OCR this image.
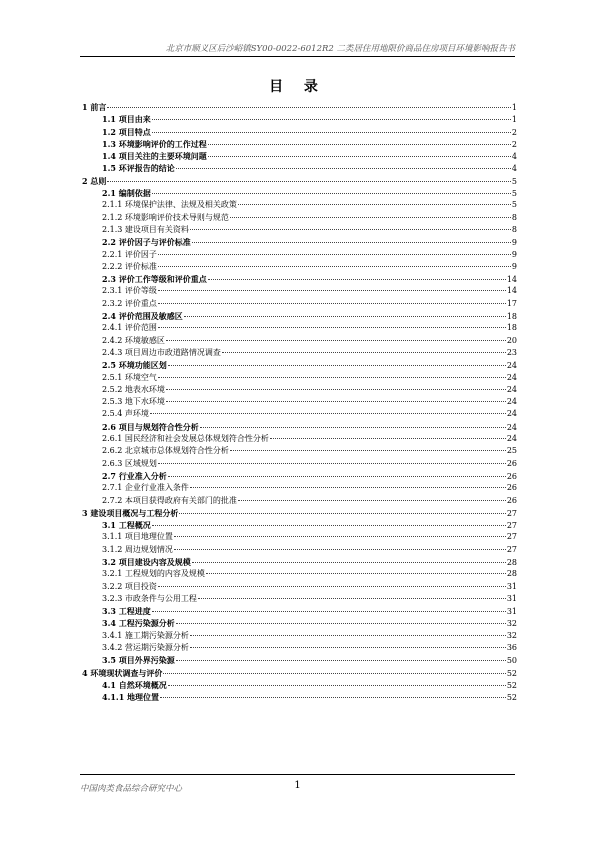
北京市顺义区后沙峪镇SY00-0022-6012R2 二类居住用地限价商品住房项目环境影响报告书
目 录
1 前言	1
1.1 项目由来	1
1.2 项目特点	2
1.3 环境影响评价的工作过程	2
1.4 项目关注的主要环境问题	4
1.5 环评报告的结论	4
2 总则	5
2.1 编制依据	5
2.1.1 环境保护法律、法规及相关政策	5
2.1.2 环境影响评价技术导则与规范	8
2.1.3 建设项目有关资料	8
2.2 评价因子与评价标准	9
2.2.1 评价因子	9
2.2.2 评价标准	9
2.3 评价工作等级和评价重点	14
2.3.1 评价等级	14
2.3.2 评价重点	17
2.4 评价范围及敏感区	18
2.4.1 评价范围	18
2.4.2 环境敏感区	20
2.4.3 项目周边市政道路情况调查	23
2.5 环境功能区划	24
2.5.1 环境空气	24
2.5.2 地表水环境	24
2.5.3 地下水环境	24
2.5.4 声环境	24
2.6 项目与规划符合性分析	24
2.6.1 国民经济和社会发展总体规划符合性分析	24
2.6.2 北京城市总体规划符合性分析	25
2.6.3 区域规划	26
2.7 行业准入分析	26
2.7.1 企业行业准入条件	26
2.7.2 本项目获得政府有关部门的批准	26
3 建设项目概况与工程分析	27
3.1 工程概况	27
3.1.1 项目地理位置	27
3.1.2 周边规划情况	27
3.2 项目建设内容及规模	28
3.2.1 工程规划的内容及规模	28
3.2.2 项目投资	31
3.2.3 市政条件与公用工程	31
3.3 工程进度	31
3.4 工程污染源分析	32
3.4.1 施工期污染源分析	32
3.4.2 营运期污染源分析	36
3.5 项目外界污染源	50
4 环境现状调查与评价	52
4.1 自然环境概况	52
4.1.1 地理位置	52
中国肉类食品综合研究中心	1
